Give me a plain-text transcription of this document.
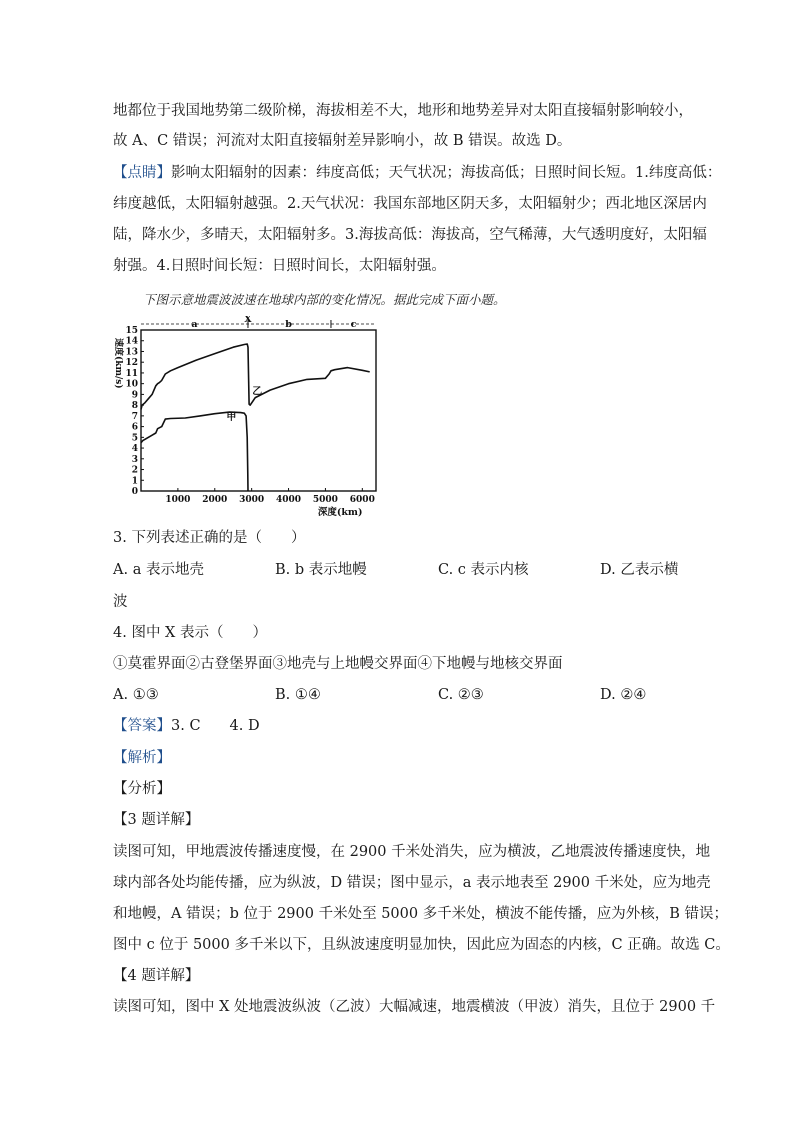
地都位于我国地势第二级阶梯，海拔相差不大，地形和地势差异对太阳直接辐射影响较小，
故 A、C 错误；河流对太阳直接辐射差异影响小，故 B 错误。故选 D。
【点睛】影响太阳辐射的因素：纬度高低；天气状况；海拔高低；日照时间长短。1.纬度高低：
纬度越低，太阳辐射越强。2.天气状况：我国东部地区阴天多，太阳辐射少；西北地区深居内
陆，降水少，多晴天，太阳辐射多。3.海拔高低：海拔高，空气稀薄，大气透明度好，太阳辐
射强。4.日照时间长短：日照时间长，太阳辐射强。
下图示意地震波波速在地球内部的变化情况。据此完成下面小题。
0
1
2
3
4
5
6
7
8
9
10
11
12
13
14
15
1000 2000 3000 4000 5000 6000
速度(km/s)
深度(km)
a	X	b	c
乙
甲
3. 下列表述正确的是（　　）
A. a 表示地壳	B. b 表示地幔	C. c 表示内核	D. 乙表示横
波
4. 图中 X 表示（　　）
①莫霍界面②古登堡界面③地壳与上地幔交界面④下地幔与地核交界面
A. ①③	B. ①④	C. ②③	D. ②④
【答案】3. C　　4. D
【解析】
【分析】
【3 题详解】
读图可知，甲地震波传播速度慢，在 2900 千米处消失，应为横波，乙地震波传播速度快，地
球内部各处均能传播，应为纵波，D 错误；图中显示，a 表示地表至 2900 千米处，应为地壳
和地幔，A 错误；b 位于 2900 千米处至 5000 多千米处，横波不能传播，应为外核，B 错误；
图中 c 位于 5000 多千米以下，且纵波速度明显加快，因此应为固态的内核，C 正确。故选 C。
【4 题详解】
读图可知，图中 X 处地震波纵波（乙波）大幅减速，地震横波（甲波）消失，且位于 2900 千
